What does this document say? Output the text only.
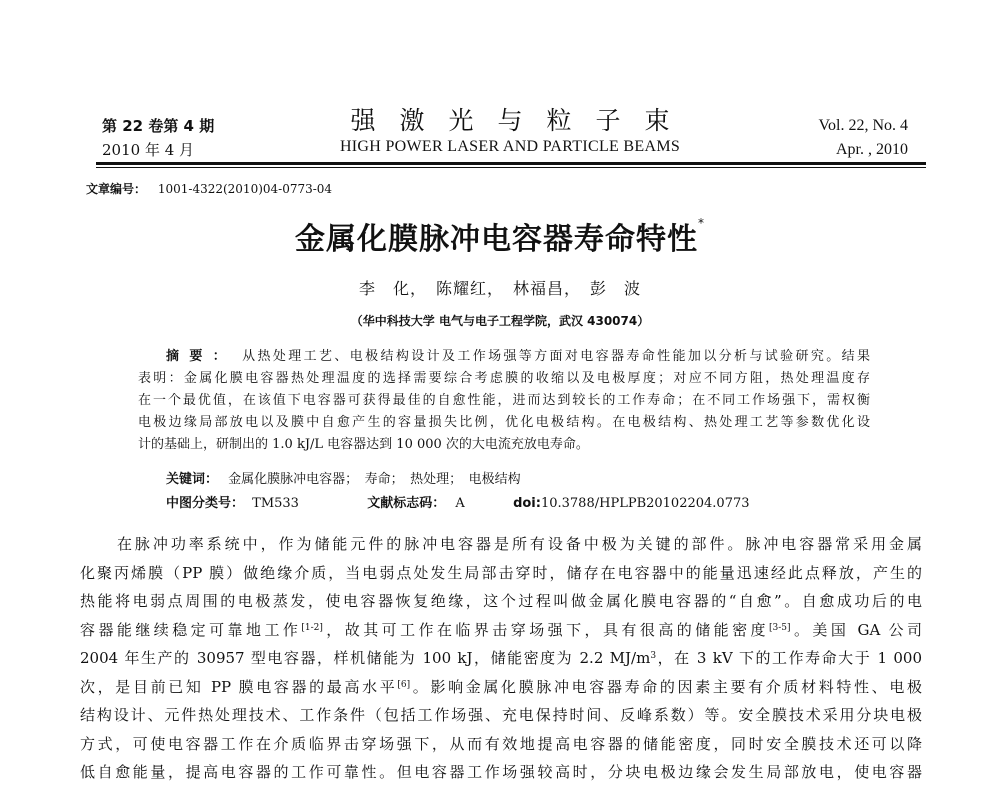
第 22 卷第 4 期
2010 年 4 月
强激光与粒子束
HIGH POWER LASER AND PARTICLE BEAMS
Vol. 22, No. 4
Apr. , 2010
文章编号： 1001-4322(2010)04-0773-04
金属化膜脉冲电容器寿命特性*
李　化，　陈耀红，　林福昌，　彭　波
（华中科技大学 电气与电子工程学院，武汉 430074）
摘要： 从热处理工艺、电极结构设计及工作场强等方面对电容器寿命性能加以分析与试验研究。结果
表明：金属化膜电容器热处理温度的选择需要综合考虑膜的收缩以及电极厚度；对应不同方阻，热处理温度存
在一个最优值，在该值下电容器可获得最佳的自愈性能，进而达到较长的工作寿命；在不同工作场强下，需权衡
电极边缘局部放电以及膜中自愈产生的容量损失比例，优化电极结构。在电极结构、热处理工艺等参数优化设
计的基础上，研制出的 1.0 kJ/L 电容器达到 10 000 次的大电流充放电寿命。
关键词： 金属化膜脉冲电容器；　寿命；　热处理；　电极结构
中图分类号： TM533	文献标志码： A	doi:10.3788/HPLPB20102204.0773
在脉冲功率系统中，作为储能元件的脉冲电容器是所有设备中极为关键的部件。脉冲电容器常采用金属
化聚丙烯膜（PP 膜）做绝缘介质，当电弱点处发生局部击穿时，储存在电容器中的能量迅速经此点释放，产生的
热能将电弱点周围的电极蒸发，使电容器恢复绝缘，这个过程叫做金属化膜电容器的“自愈”。自愈成功后的电
容器能继续稳定可靠地工作[1-2]，故其可工作在临界击穿场强下，具有很高的储能密度[3-5]。美国 GA 公司
2004 年生产的 30957 型电容器，样机储能为 100 kJ，储能密度为 2.2 MJ/m$^3$，在 3 kV 下的工作寿命大于 1 000
次，是目前已知 PP 膜电容器的最高水平[6]。影响金属化膜脉冲电容器寿命的因素主要有介质材料特性、电极
结构设计、元件热处理技术、工作条件（包括工作场强、充电保持时间、反峰系数）等。安全膜技术采用分块电极
方式，可使电容器工作在介质临界击穿场强下，从而有效地提高电容器的储能密度，同时安全膜技术还可以降
低自愈能量，提高电容器的工作可靠性。但电容器工作场强较高时，分块电极边缘会发生局部放电，使电容器
